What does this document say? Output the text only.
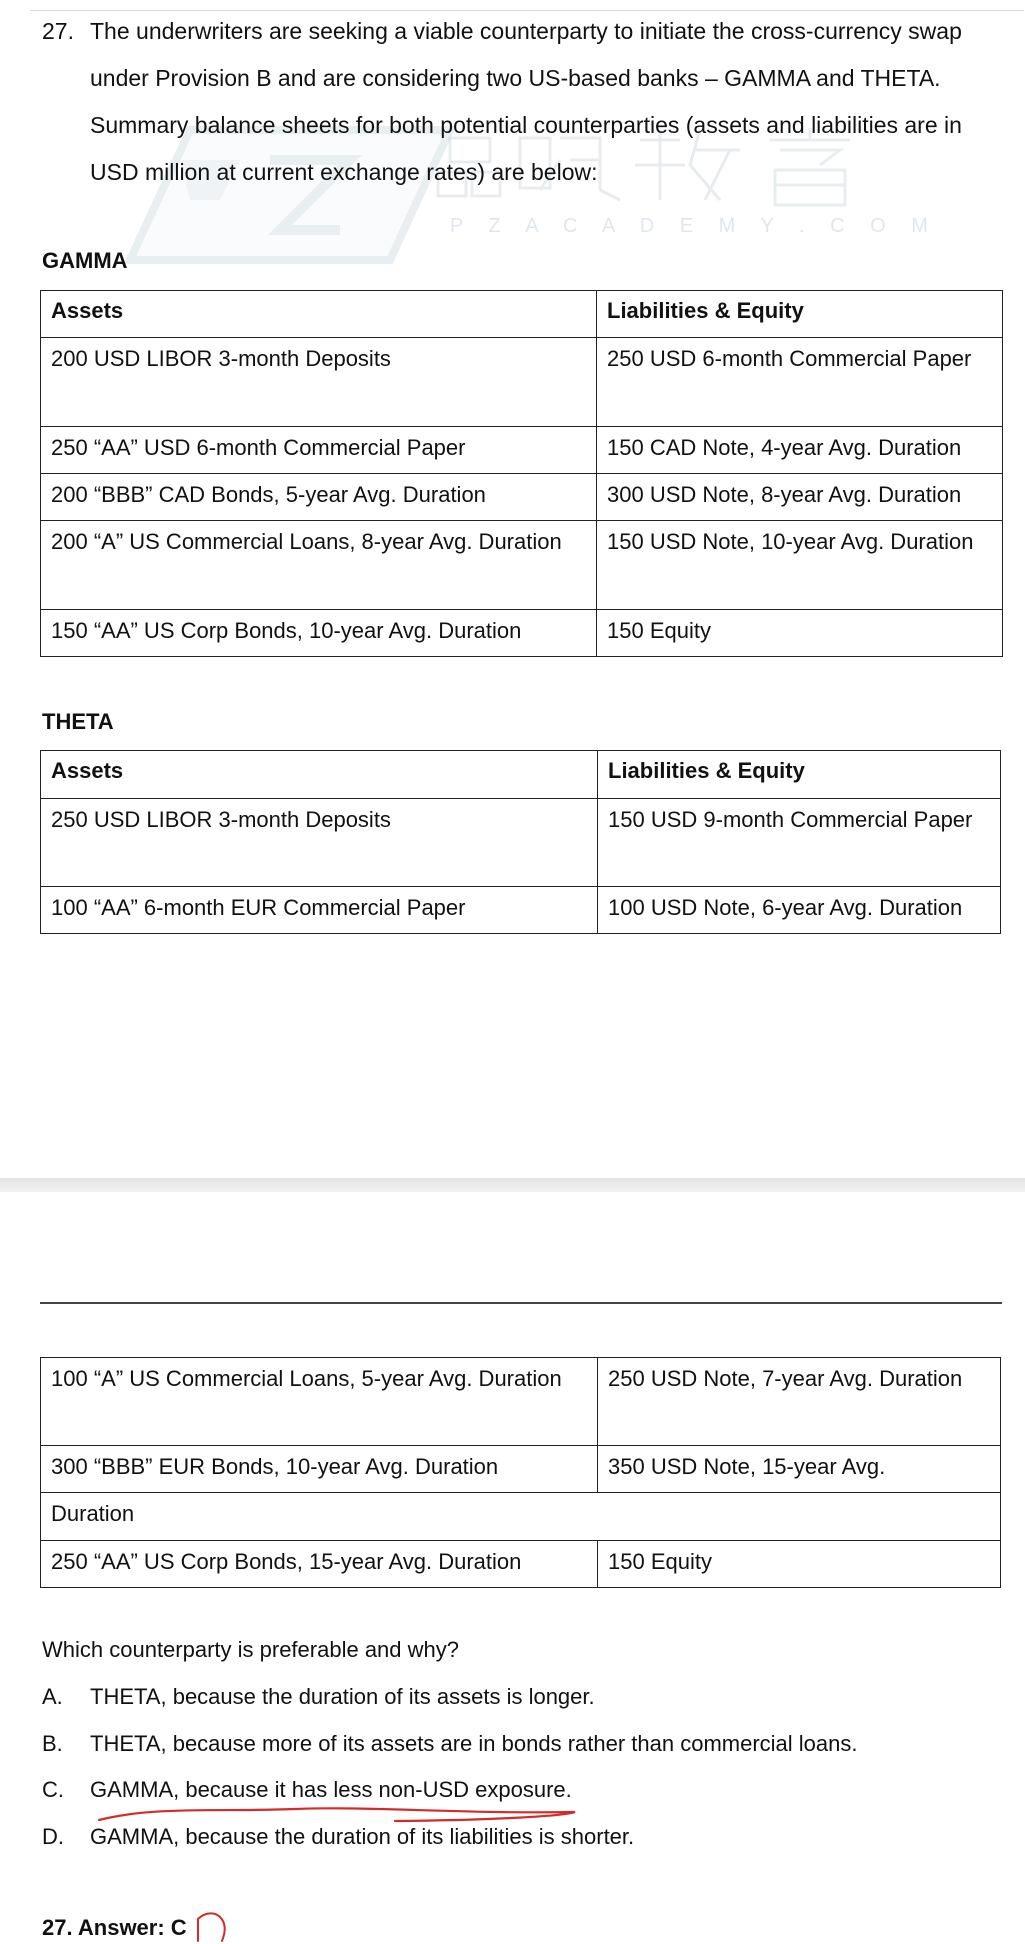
P Z A C A D E M Y . C O M
27. The underwriters are seeking a viable counterparty to initiate the cross-currency swap
under Provision B and are considering two US-based banks – GAMMA and THETA.
Summary balance sheets for both potential counterparties (assets and liabilities are in
USD million at current exchange rates) are below:
GAMMA
Assets	Liabilities & Equity
200 USD LIBOR 3-month Deposits	250 USD 6-month Commercial Paper
250 “AA” USD 6-month Commercial Paper	150 CAD Note, 4-year Avg. Duration
200 “BBB” CAD Bonds, 5-year Avg. Duration	300 USD Note, 8-year Avg. Duration
200 “A” US Commercial Loans, 8-year Avg. Duration	150 USD Note, 10-year Avg. Duration
150 “AA” US Corp Bonds, 10-year Avg. Duration	150 Equity
THETA
Assets	Liabilities & Equity
250 USD LIBOR 3-month Deposits	150 USD 9-month Commercial Paper
100 “AA” 6-month EUR Commercial Paper	100 USD Note, 6-year Avg. Duration
100 “A” US Commercial Loans, 5-year Avg. Duration	250 USD Note, 7-year Avg. Duration
300 “BBB” EUR Bonds, 10-year Avg. Duration	350 USD Note, 15-year Avg.
Duration	
250 “AA” US Corp Bonds, 15-year Avg. Duration	150 Equity
Which counterparty is preferable and why?
A. THETA, because the duration of its assets is longer.
B. THETA, because more of its assets are in bonds rather than commercial loans.
C. GAMMA, because it has less non-USD exposure.
D. GAMMA, because the duration of its liabilities is shorter.
27. Answer: C
